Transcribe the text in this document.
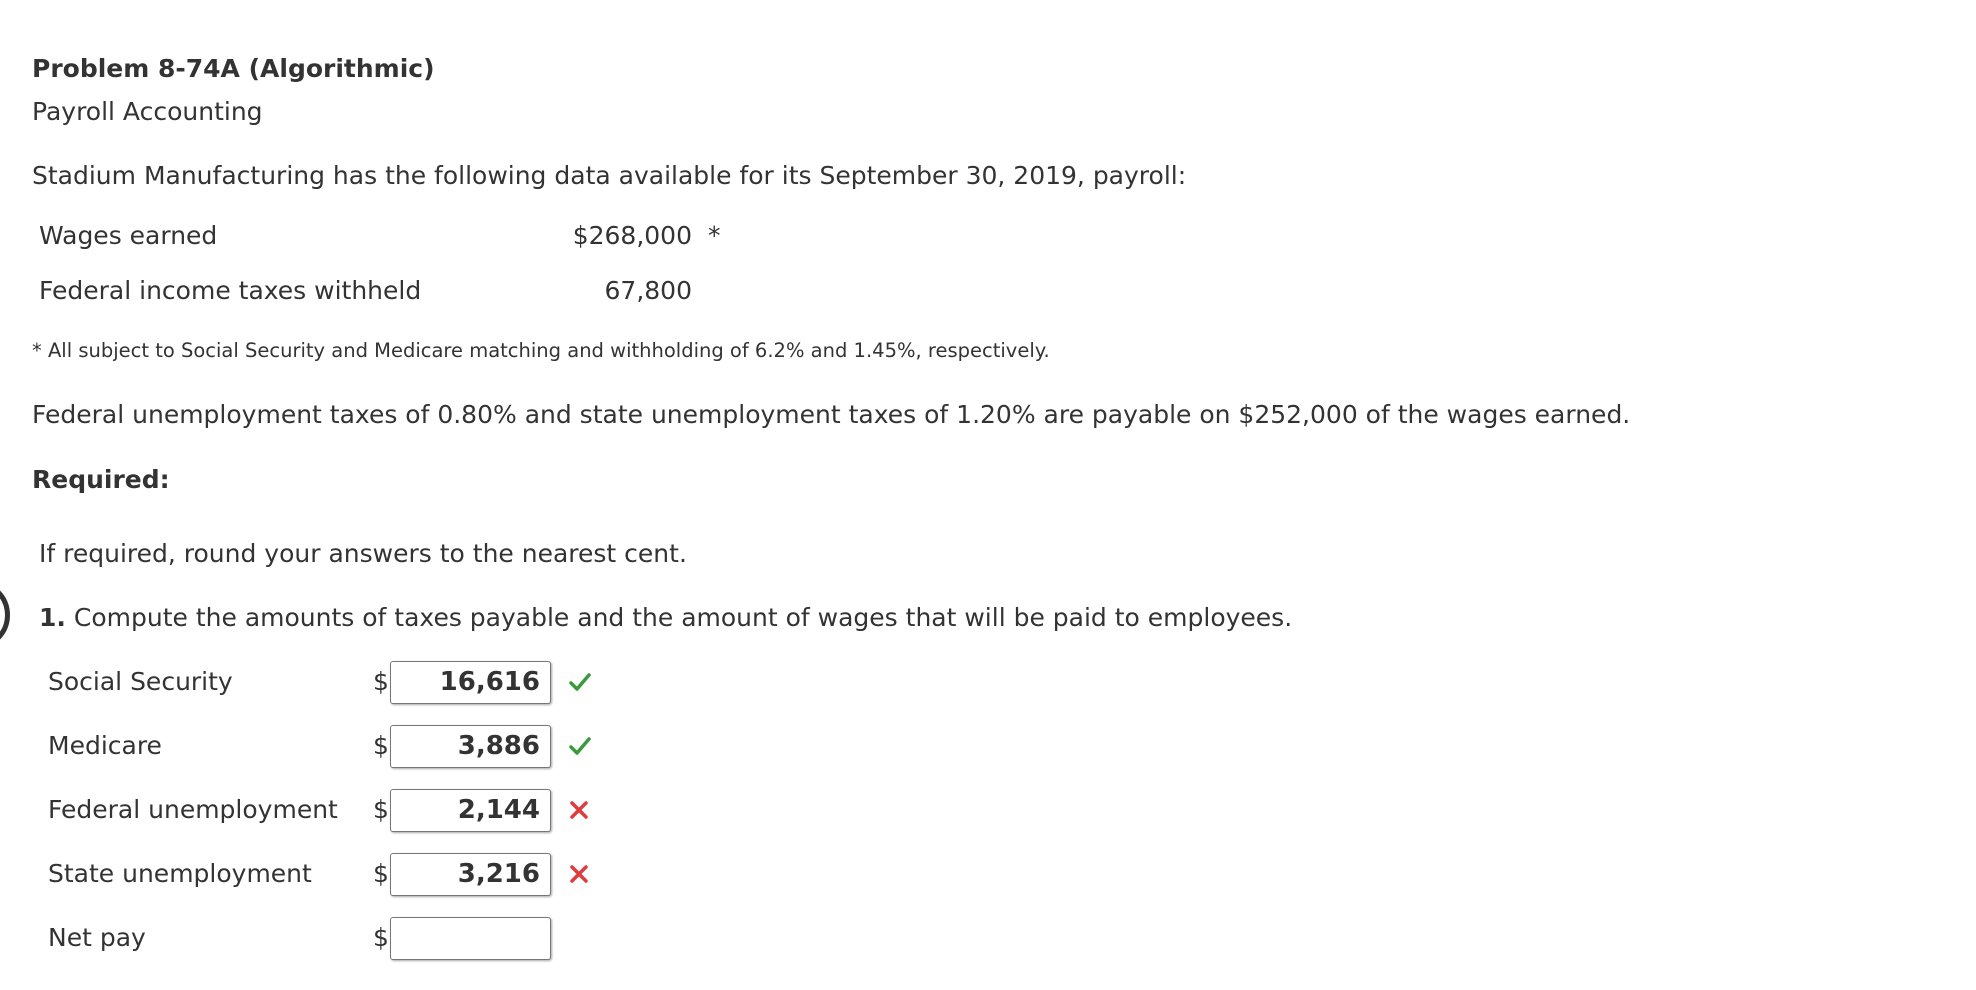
Problem 8-74A (Algorithmic)
Payroll Accounting
Stadium Manufacturing has the following data available for its September 30, 2019, payroll:
Wages earned	$268,000 *
Federal income taxes withheld	67,800
* All subject to Social Security and Medicare matching and withholding of 6.2% and 1.45%, respectively.
Federal unemployment taxes of 0.80% and state unemployment taxes of 1.20% are payable on $252,000 of the wages earned.
Required:
If required, round your answers to the nearest cent.
1. Compute the amounts of taxes payable and the amount of wages that will be paid to employees.
Social Security	$	16,616
Medicare	$	3,886
Federal unemployment $	2,144
State unemployment $	3,216
Net pay	$
